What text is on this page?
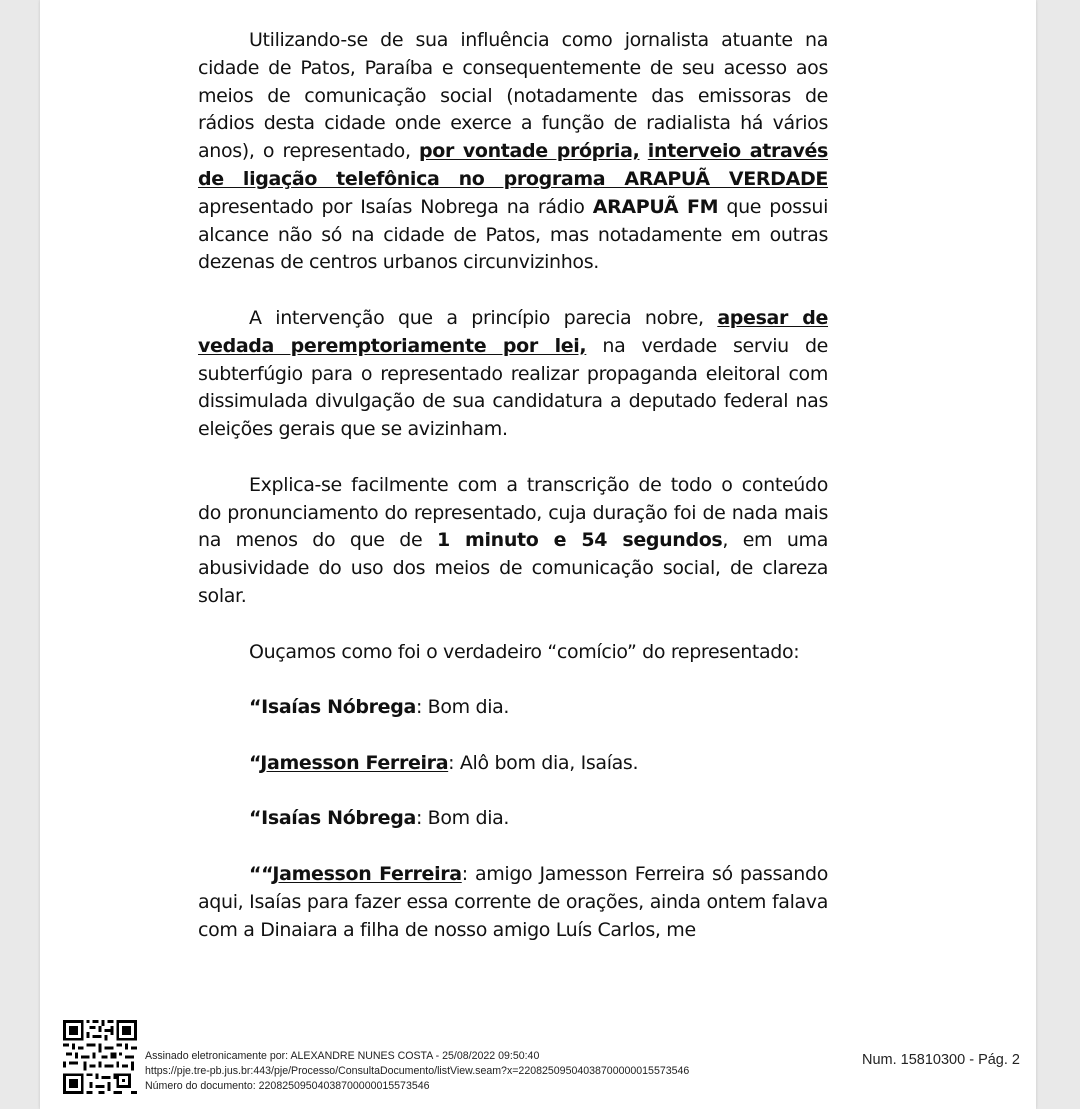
Utilizando-se de sua influência como jornalista atuante na cidade de Patos, Paraíba e consequentemente de seu acesso aos meios de comunicação social (notadamente das emissoras de rádios desta cidade onde exerce a função de radialista há vários anos), o representado, por vontade própria, interveio através de ligação telefônica no programa ARAPUÃ VERDADE apresentado por Isaías Nobrega na rádio ARAPUÃ FM que possui alcance não só na cidade de Patos, mas notadamente em outras dezenas de centros urbanos circunvizinhos.

A intervenção que a princípio parecia nobre, apesar de vedada peremptoriamente por lei, na verdade serviu de subterfúgio para o representado realizar propaganda eleitoral com dissimulada divulgação de sua candidatura a deputado federal nas eleições gerais que se avizinham.

Explica-se facilmente com a transcrição de todo o conteúdo do pronunciamento do representado, cuja duração foi de nada mais na menos do que de 1 minuto e 54 segundos, em uma abusividade do uso dos meios de comunicação social, de clareza solar.

Ouçamos como foi o verdadeiro “comício” do representado:

“Isaías Nóbrega: Bom dia.

“Jamesson Ferreira: Alô bom dia, Isaías.

“Isaías Nóbrega: Bom dia.

““Jamesson Ferreira: amigo Jamesson Ferreira só passando aqui, Isaías para fazer essa corrente de orações, ainda ontem falava com a Dinaiara a filha de nosso amigo Luís Carlos, me

Assinado eletronicamente por: ALEXANDRE NUNES COSTA - 25/08/2022 09:50:40
https://pje.tre-pb.jus.br:443/pje/Processo/ConsultaDocumento/listView.seam?x=22082509504038700000015573546
Número do documento: 22082509504038700000015573546
Num. 15810300 - Pág. 2
